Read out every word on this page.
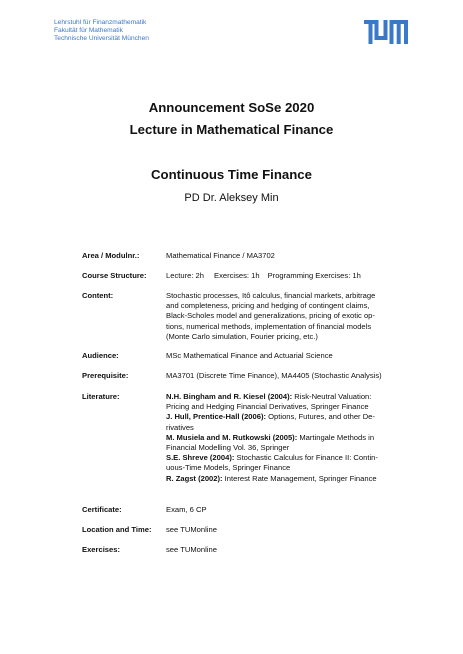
Lehrstuhl für Finanzmathematik
Fakultät für Mathematik
Technische Universität München
Announcement SoSe 2020
Lecture in Mathematical Finance
Continuous Time Finance
PD Dr. Aleksey Min
Area / Modulnr.:	Mathematical Finance / MA3702
Course Structure:	Lecture: 2h Exercises: 1h Programming Exercises: 1h
Content:	Stochastic processes, Itô calculus, financial markets, arbitrage
and completeness, pricing and hedging of contingent claims,
Black-Scholes model and generalizations, pricing of exotic op-
tions, numerical methods, implementation of financial models
(Monte Carlo simulation, Fourier pricing, etc.)
Audience:	MSc Mathematical Finance and Actuarial Science
Prerequisite:	MA3701 (Discrete Time Finance), MA4405 (Stochastic Analysis)
Literature:	N.H. Bingham and R. Kiesel (2004): Risk-Neutral Valuation:
Pricing and Hedging Financial Derivatives, Springer Finance
J. Hull, Prentice-Hall (2006): Options, Futures, and other De-
rivatives
M. Musiela and M. Rutkowski (2005): Martingale Methods in
Financial Modelling Vol. 36, Springer
S.E. Shreve (2004): Stochastic Calculus for Finance II: Contin-
uous-Time Models, Springer Finance
R. Zagst (2002): Interest Rate Management, Springer Finance
Certificate:	Exam, 6 CP
Location and Time:	see TUMonline
Exercises:	see TUMonline
